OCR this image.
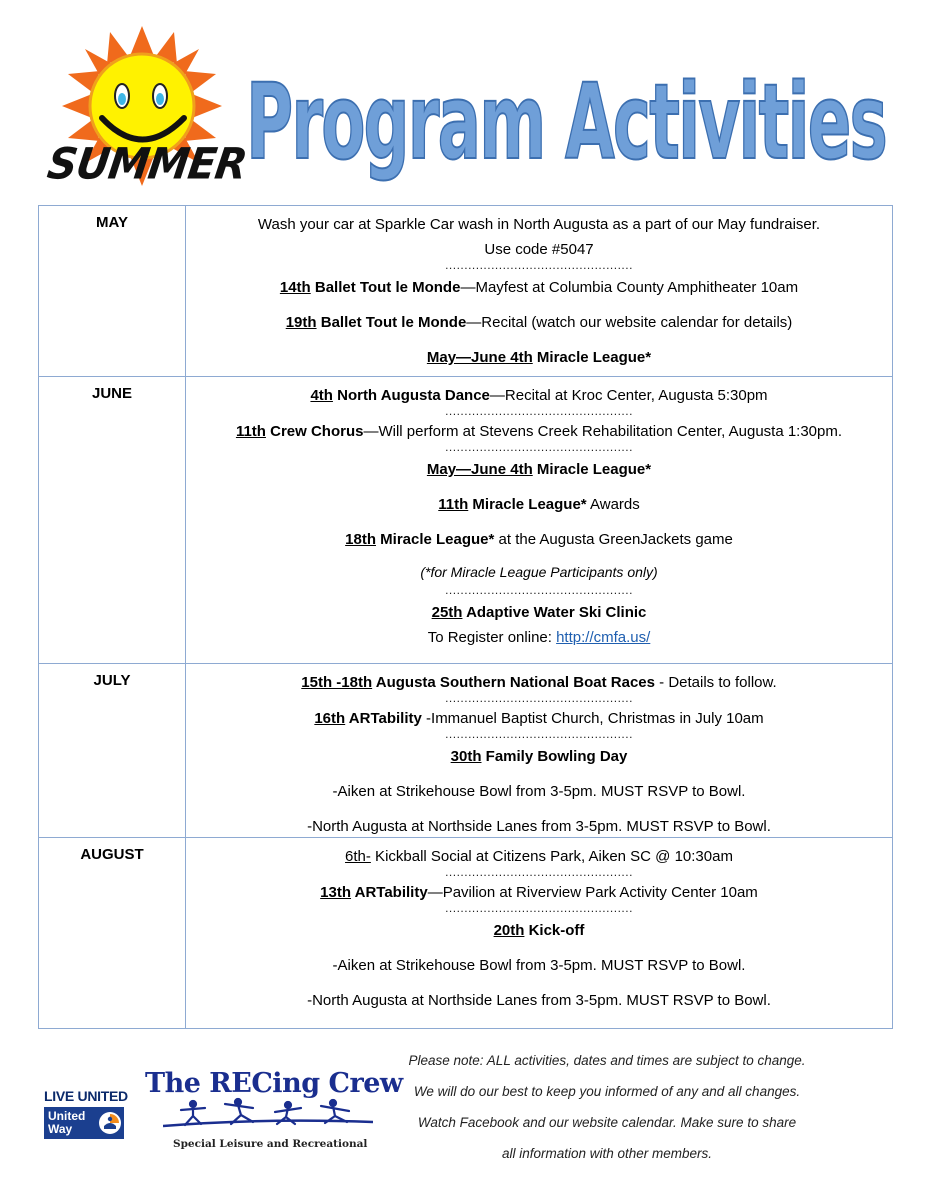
SUMMER
Program Activities
MAY	Wash your car at Sparkle Car wash in North Augusta as a part of our May fundraiser.
Use code #5047
.................................................
14th Ballet Tout le Monde—Mayfest at Columbia County Amphitheater 10am
19th Ballet Tout le Monde—Recital (watch our website calendar for details)
May—June 4th Miracle League*
JUNE	4th North Augusta Dance—Recital at Kroc Center, Augusta 5:30pm
.................................................
11th Crew Chorus—Will perform at Stevens Creek Rehabilitation Center, Augusta 1:30pm.
.................................................
May—June 4th Miracle League*
11th Miracle League* Awards
18th Miracle League* at the Augusta GreenJackets game
(*for Miracle League Participants only)
.................................................
25th Adaptive Water Ski Clinic
To Register online: http://cmfa.us/
JULY	15th -18th Augusta Southern National Boat Races - Details to follow.
.................................................
16th ARTability -Immanuel Baptist Church, Christmas in July 10am
.................................................
30th Family Bowling Day
-Aiken at Strikehouse Bowl from 3-5pm. MUST RSVP to Bowl.
-North Augusta at Northside Lanes from 3-5pm. MUST RSVP to Bowl.
AUGUST	6th- Kickball Social at Citizens Park, Aiken SC @ 10:30am
.................................................
13th ARTability—Pavilion at Riverview Park Activity Center 10am
.................................................
20th Kick-off
-Aiken at Strikehouse Bowl from 3-5pm. MUST RSVP to Bowl.
-North Augusta at Northside Lanes from 3-5pm. MUST RSVP to Bowl.
LIVE UNITED
United Way
The RECing Crew
Special Leisure and Recreational
Please note: ALL activities, dates and times are subject to change.
We will do our best to keep you informed of any and all changes.
Watch Facebook and our website calendar. Make sure to share
all information with other members.
